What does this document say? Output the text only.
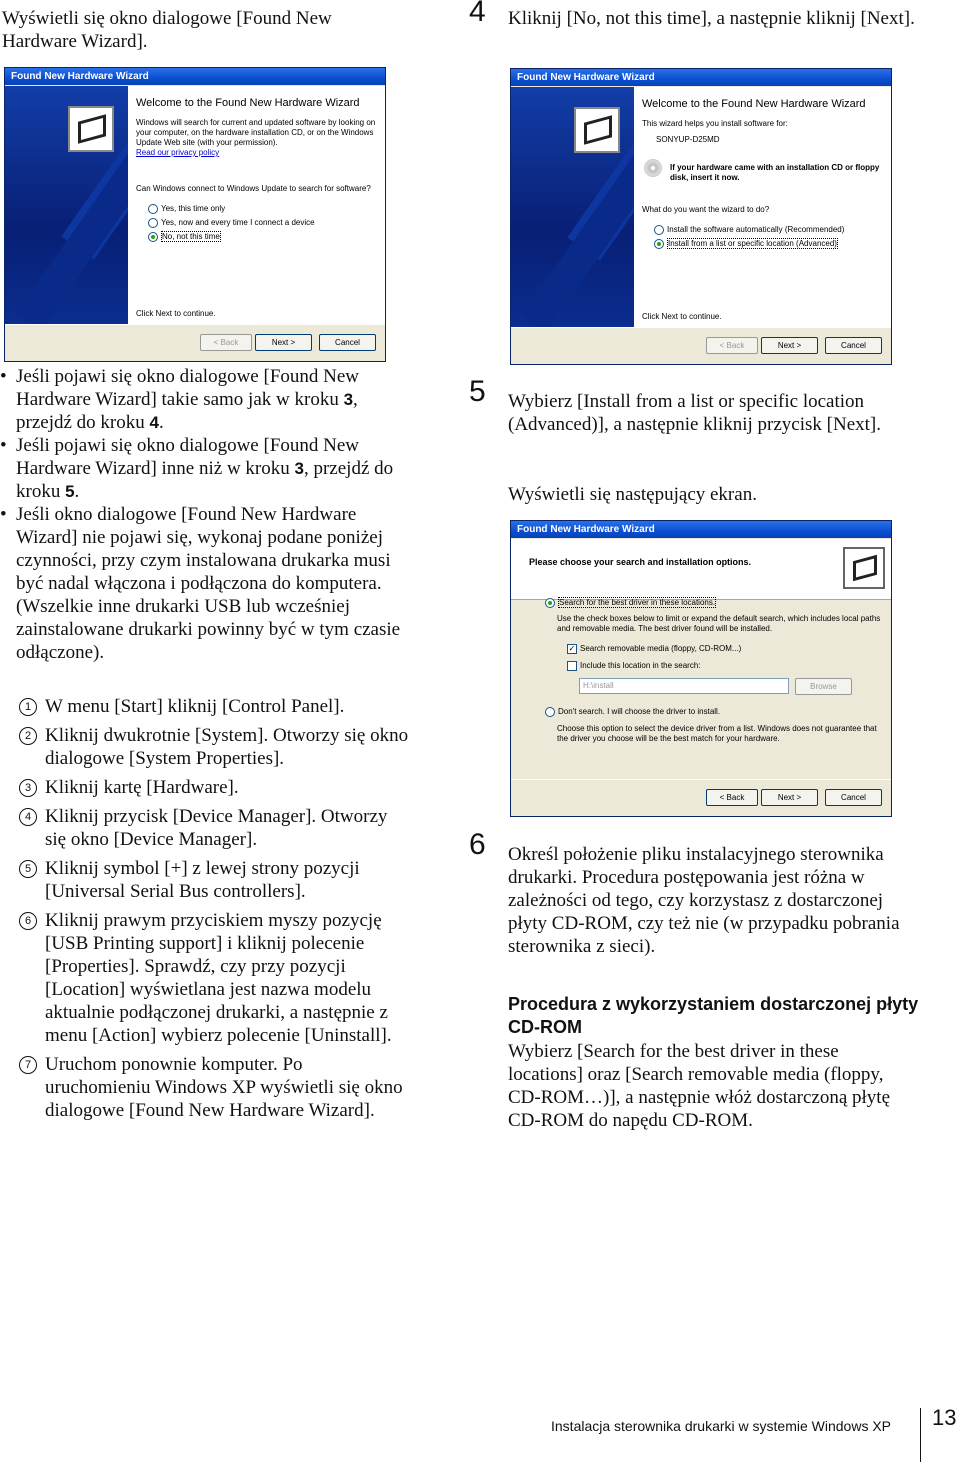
Wyświetli się okno dialogowe [Found New Hardware Wizard].

Found New Hardware Wizard
Welcome to the Found New Hardware Wizard
Windows will search for current and updated software by looking on your computer, on the hardware installation CD, or on the Windows Update Web site (with your permission).
Read our privacy policy
Can Windows connect to Windows Update to search for software?
Yes, this time only
Yes, now and every time I connect a device
No, not this time
Click Next to continue.
< Back	Next >	Cancel
• Jeśli pojawi się okno dialogowe [Found New Hardware Wizard] takie samo jak w kroku 3, przejdź do kroku 4.
• Jeśli pojawi się okno dialogowe [Found New Hardware Wizard] inne niż w kroku 3, przejdź do kroku 5.
• Jeśli okno dialogowe [Found New Hardware Wizard] nie pojawi się, wykonaj podane poniżej czynności, przy czym instalowana drukarka musi być nadal włączona i podłączona do komputera. (Wszelkie inne drukarki USB lub wcześniej zainstalowane drukarki powinny być w tym czasie odłączone).
1 W menu [Start] kliknij [Control Panel].
2 Kliknij dwukrotnie [System]. Otworzy się okno dialogowe [System Properties].
3 Kliknij kartę [Hardware].
4 Kliknij przycisk [Device Manager]. Otworzy się okno [Device Manager].
5 Kliknij symbol [+] z lewej strony pozycji [Universal Serial Bus controllers].
6 Kliknij prawym przyciskiem myszy pozycję [USB Printing support] i kliknij polecenie [Properties]. Sprawdź, czy przy pozycji [Location] wyświetlana jest nazwa modelu aktualnie podłączonej drukarki, a następnie z menu [Action] wybierz polecenie [Uninstall].
7 Uruchom ponownie komputer. Po uruchomieniu Windows XP wyświetli się okno dialogowe [Found New Hardware Wizard].
4 Kliknij [No, not this time], a następnie kliknij [Next].

Found New Hardware Wizard
Welcome to the Found New Hardware Wizard
This wizard helps you install software for:
SONYUP-D25MD
If your hardware came with an installation CD or floppy disk, insert it now.
What do you want the wizard to do?
Install the software automatically (Recommended)
Install from a list or specific location (Advanced)
Click Next to continue.
< Back	Next >	Cancel
5 Wybierz [Install from a list or specific location (Advanced)], a następnie kliknij przycisk [Next].

Wyświetli się następujący ekran.

Found New Hardware Wizard
Please choose your search and installation options.
Search for the best driver in these locations.
Use the check boxes below to limit or expand the default search, which includes local paths and removable media. The best driver found will be installed.
✓ Search removable media (floppy, CD-ROM...)
Include this location in the search:
H:\install	Browse
Don't search. I will choose the driver to install.
Choose this option to select the device driver from a list. Windows does not guarantee that the driver you choose will be the best match for your hardware.
< Back	Next >	Cancel
6 Określ położenie pliku instalacyjnego sterownika drukarki. Procedura postępowania jest różna w zależności od tego, czy korzystasz z dostarczonej płyty CD-ROM, czy też nie (w przypadku pobrania sterownika z sieci).

Procedura z wykorzystaniem dostarczonej płyty CD-ROM

Wybierz [Search for the best driver in these locations] oraz [Search removable media (floppy, CD-ROM…)], a następnie włóż dostarczoną płytę CD-ROM do napędu CD-ROM.

Instalacja sterownika drukarki w systemie Windows XP 13
